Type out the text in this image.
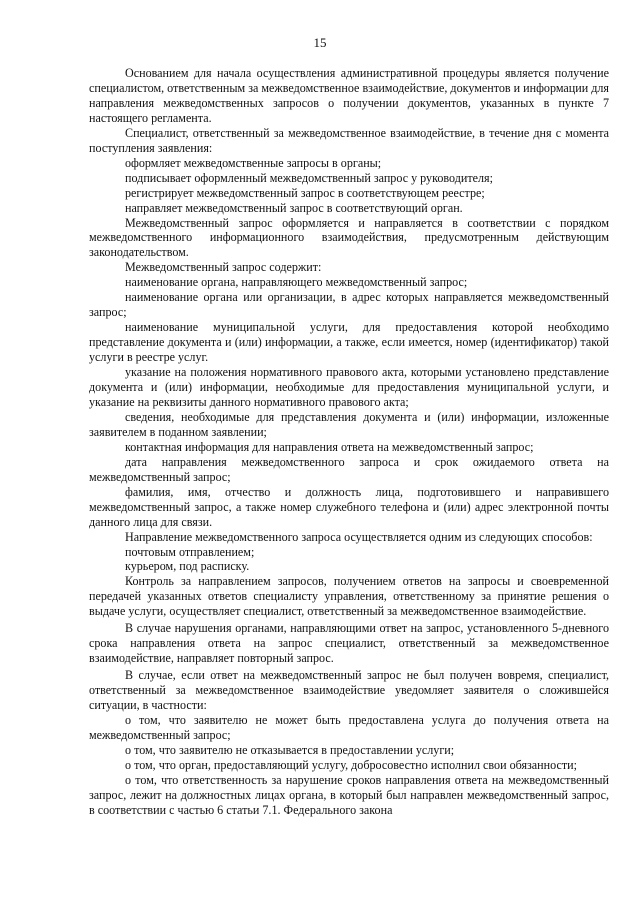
15

Основанием для начала осуществления административной процедуры является получение специалистом, ответственным за межведомственное взаимодействие, документов и информации для направления межведомственных запросов о получении документов, указанных в пункте 7 настоящего регламента.

Специалист, ответственный за межведомственное взаимодействие, в течение дня с момента поступления заявления:

оформляет межведомственные запросы в органы;

подписывает оформленный межведомственный запрос у руководителя;

регистрирует межведомственный запрос в соответствующем реестре;

направляет межведомственный запрос в соответствующий орган.

Межведомственный запрос оформляется и направляется в соответствии с порядком межведомственного информационного взаимодействия, предусмотренным действующим законодательством.

Межведомственный запрос содержит:

наименование органа, направляющего межведомственный запрос;

наименование органа или организации, в адрес которых направляется межведомственный запрос;

наименование муниципальной услуги, для предоставления которой необходимо представление документа и (или) информации, а также, если имеется, номер (идентификатор) такой услуги в реестре услуг.

указание на положения нормативного правового акта, которыми установлено представление документа и (или) информации, необходимые для предоставления муниципальной услуги, и указание на реквизиты данного нормативного правового акта;

сведения, необходимые для представления документа и (или) информации, изложенные заявителем в поданном заявлении;

контактная информация для направления ответа на межведомственный запрос;

дата направления межведомственного запроса и срок ожидаемого ответа на межведомственный запрос;

фамилия, имя, отчество и должность лица, подготовившего и направившего межведомственный запрос, а также номер служебного телефона и (или) адрес электронной почты данного лица для связи.

Направление межведомственного запроса осуществляется одним из следующих способов:

почтовым отправлением;

курьером, под расписку.

Контроль за направлением запросов, получением ответов на запросы и своевременной передачей указанных ответов специалисту управления, ответственному за принятие решения о выдаче услуги, осуществляет специалист, ответственный за межведомственное взаимодействие.

В случае нарушения органами, направляющими ответ на запрос, установленного 5-дневного срока направления ответа на запрос специалист, ответственный за межведомственное взаимодействие, направляет повторный запрос.

В случае, если ответ на межведомственный запрос не был получен вовремя, специалист, ответственный за межведомственное взаимодействие уведомляет заявителя о сложившейся ситуации, в частности:

о том, что заявителю не может быть предоставлена услуга до получения ответа на межведомственный запрос;

о том, что заявителю не отказывается в предоставлении услуги;

о том, что орган, предоставляющий услугу, добросовестно исполнил свои обязанности;

о том, что ответственность за нарушение сроков направления ответа на межведомственный запрос, лежит на должностных лицах органа, в который был направлен межведомственный запрос, в соответствии с частью 6 статьи 7.1. Федерального закона
